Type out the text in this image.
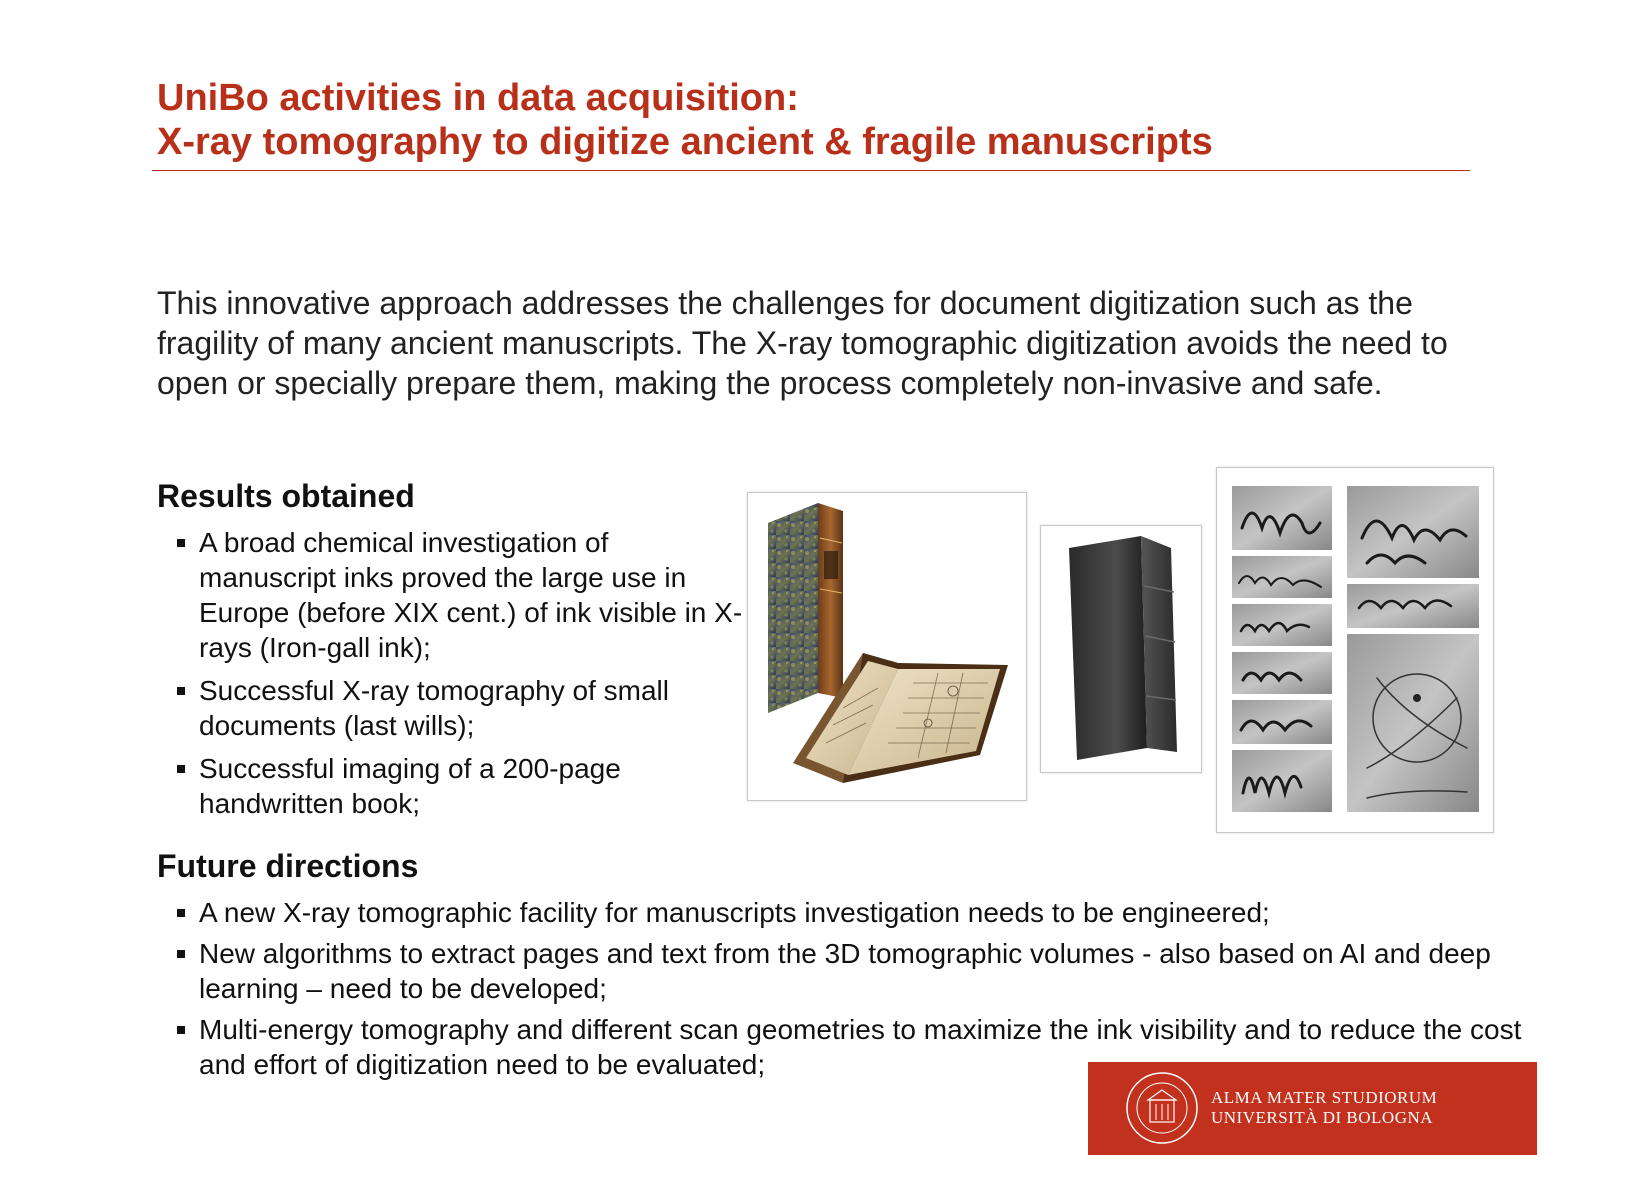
UniBo activities in data acquisition:
X-ray tomography to digitize ancient & fragile manuscripts
This innovative approach addresses the challenges for document digitization such as the fragility of many ancient manuscripts. The X-ray tomographic digitization avoids the need to open or specially prepare them, making the process completely non-invasive and safe.
Results obtained
A broad chemical investigation of manuscript inks proved the large use in Europe (before XIX cent.) of ink visible in X-rays (Iron-gall ink);
Successful X-ray tomography of small documents (last wills);
Successful imaging of a 200-page handwritten book;
Future directions
A new X-ray tomographic facility for manuscripts investigation needs to be engineered;
New algorithms to extract pages and text from the 3D tomographic volumes - also based on AI and deep learning – need to be developed;
Multi-energy tomography and different scan geometries to maximize the ink visibility and to reduce the cost and effort of digitization need to be evaluated;
ALMA MATER STUDIORUM
UNIVERSITÀ DI BOLOGNA
